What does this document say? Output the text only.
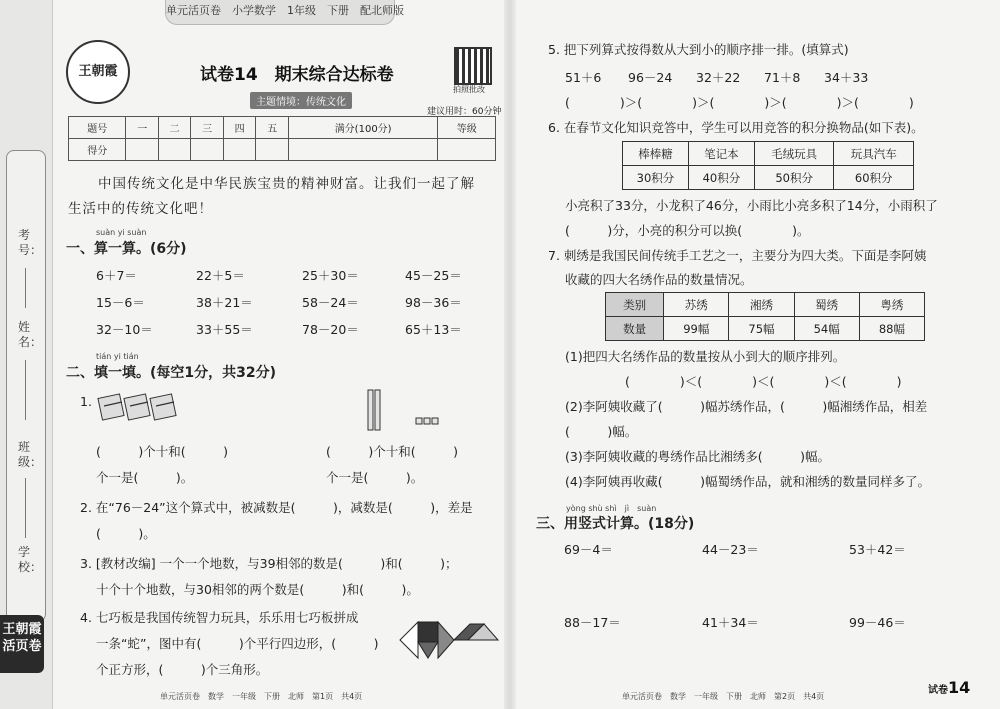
考号：
姓名：
班级：
学校：
王朝霞活页卷
单元活页卷　小学数学　1年级　下册　配北师版
王朝霞	试卷14　期末综合达标卷
拍照批改
主题情境：传统文化
建议用时：60分钟
题号	一	二	三	四	五	满分(100分)	等级
得分							
中国传统文化是中华民族宝贵的精神财富。让我们一起了解
生活中的传统文化吧！
suàn yi suàn
一、算一算。(6分)
6＋7＝	22＋5＝	25＋30＝	45－25＝
15－6＝	38＋21＝	58－24＝	98－36＝
32－10＝	33＋55＝	78－20＝	65＋13＝
tián yi tián
二、填一填。(每空1分，共32分)
1.
(　　　)个十和(　　　)
个一是(　　　)。
(　　　)个十和(　　　)
个一是(　　　)。
2. 在“76－24”这个算式中，被减数是(　　　)，减数是(　　　)，差是
(　　　)。
3. [教材改编] 一个一个地数，与39相邻的数是(　　　)和(　　　)；
十个十个地数，与30相邻的两个数是(　　　)和(　　　)。
4. 七巧板是我国传统智力玩具，乐乐用七巧板拼成
一条“蛇”，图中有(　　　)个平行四边形，(　　　)
个正方形，(　　　)个三角形。
单元活页卷　数学　一年级　下册　北师　第1页　共4页
5. 把下列算式按得数从大到小的顺序排一排。(填算式)
51＋6 96－24 32＋22 71＋8 34＋33
(　　　　)＞(　　　　)＞(　　　　)＞(　　　　)＞(　　　　)
6. 在春节文化知识竞答中，学生可以用竞答的积分换物品(如下表)。
棒棒糖	笔记本	毛绒玩具	玩具汽车
30积分	40积分	50积分	60积分
小亮积了33分，小龙积了46分，小雨比小亮多积了14分，小雨积了
(　　　)分，小亮的积分可以换(　　　　)。
7. 刺绣是我国民间传统手工艺之一，主要分为四大类。下面是李阿姨
收藏的四大名绣作品的数量情况。
类别	苏绣	湘绣	蜀绣	粤绣
数量	99幅	75幅	54幅	88幅
(1)把四大名绣作品的数量按从小到大的顺序排列。
(　　　　)＜(　　　　)＜(　　　　)＜(　　　　)
(2)李阿姨收藏了(　　　)幅苏绣作品，(　　　)幅湘绣作品，相差
(　　　)幅。
(3)李阿姨收藏的粤绣作品比湘绣多(　　　)幅。
(4)李阿姨再收藏(　　　)幅蜀绣作品，就和湘绣的数量同样多了。
yòng shù shì　jì　suàn
三、用竖式计算。(18分)
69－4＝	44－23＝	53＋42＝
88－17＝	41＋34＝	99－46＝
单元活页卷　数学　一年级　下册　北师　第2页　共4页
试卷14
